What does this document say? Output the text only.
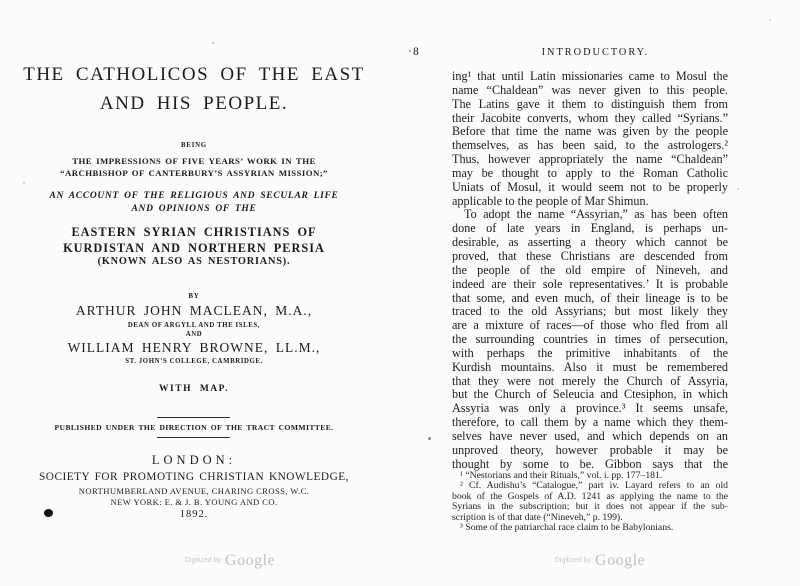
THE CATHOLICOS OF THE EAST
AND HIS PEOPLE.
BEING
THE IMPRESSIONS OF FIVE YEARS’ WORK IN THE
“ARCHBISHOP OF CANTERBURY’S ASSYRIAN MISSION;”
AN ACCOUNT OF THE RELIGIOUS AND SECULAR LIFE
AND OPINIONS OF THE
EASTERN SYRIAN CHRISTIANS OF
KURDISTAN AND NORTHERN PERSIA
(KNOWN ALSO AS NESTORIANS).
BY
ARTHUR JOHN MACLEAN, M.A.,
DEAN OF ARGYLL AND THE ISLES,
AND
WILLIAM HENRY BROWNE, LL.M.,
ST. JOHN’S COLLEGE, CAMBRIDGE.
WITH MAP.
PUBLISHED UNDER THE DIRECTION OF THE TRACT COMMITTEE.
LONDON:
SOCIETY FOR PROMOTING CHRISTIAN KNOWLEDGE,
NORTHUMBERLAND AVENUE, CHARING CROSS, W.C.
NEW YORK: E. & J. B. YOUNG AND CO.
1892.
8	INTRODUCTORY.
ing¹ that until Latin missionaries came to Mosul the
name “Chaldean” was never given to this people.
The Latins gave it them to distinguish them from
their Jacobite converts, whom they called “Syrians.”
Before that time the name was given by the people
themselves, as has been said, to the astrologers.²
Thus, however appropriately the name “Chaldean”
may be thought to apply to the Roman Catholic
Uniats of Mosul, it would seem not to be properly
applicable to the people of Mar Shimun.
To adopt the name “Assyrian,” as has been often
done of late years in England, is perhaps un-
desirable, as asserting a theory which cannot be
proved, that these Christians are descended from
the people of the old empire of Nineveh, and
indeed are their sole representatives.’ It is probable
that some, and even much, of their lineage is to be
traced to the old Assyrians; but most likely they
are a mixture of races—of those who fled from all
the surrounding countries in times of persecution,
with perhaps the primitive inhabitants of the
Kurdish mountains. Also it must be remembered
that they were not merely the Church of Assyria,
but the Church of Seleucia and Ctesiphon, in which
Assyria was only a province.³ It seems unsafe,
therefore, to call them by a name which they them-
selves have never used, and which depends on an
unproved theory, however probable it may be
thought by some to be. Gibbon says that the
¹ “Nestorians and their Rituals,” vol. i. pp. 177–181.
² Cf. Audishu’s “Catalogue,” part iv. Layard refers to an old
book of the Gospels of A.D. 1241 as applying the name to the
Syrians in the subscription; but it does not appear if the sub-
scription is of that date (“Nineveh,” p. 199).
³ Some of the patriarchal race claim to be Babylonians.
Digitized by Google	Digitized by Google
